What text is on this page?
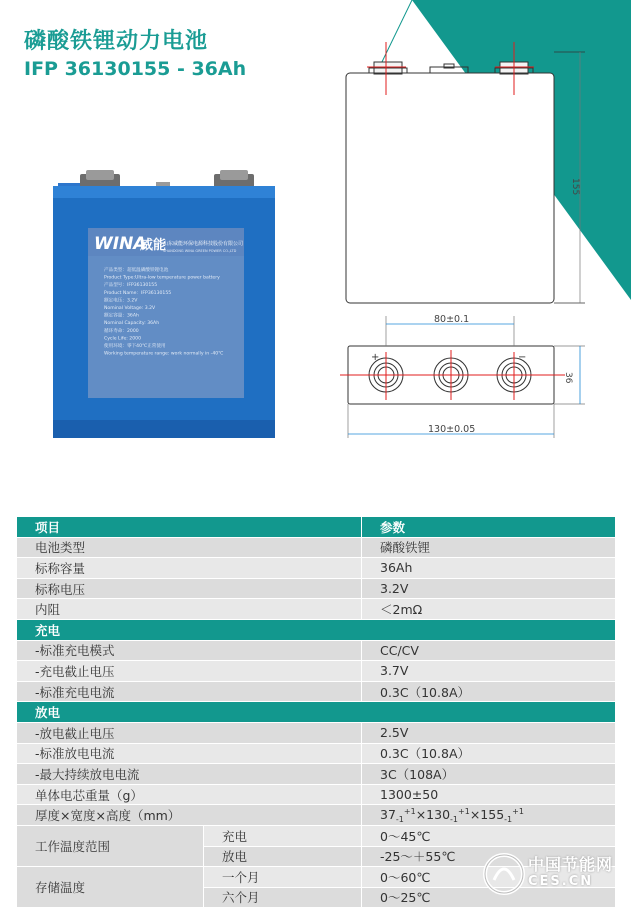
磷酸铁锂动力电池
IFP 36130155 - 36Ah
WINA
威能
山东威能环保电源科技股份有限公司
SHANDONG WINA GREEN POWER CO.,LTD
产品类型：超低温磷酸铁锂电池
Product Type:Ultra-low temperature power battery
产品型号：IFP36130155
Product Name：IFP36130155
额定电压：3.2V
Nominal Voltage: 3.2V
额定容量：36Ah
Nominal Capacity: 36Ah
循环寿命：2000
Cycle Life: 2000
使用环境：零下40℃正常使用
Working temperature range: work normally in -40℃
155
80±0.1
36
130±0.05
+	−
项目		参数
电池类型		磷酸铁锂
标称容量		36Ah
标称电压		3.2V
内阻		＜2mΩ
充电		
-标准充电模式		CC/CV
-充电截止电压		3.7V
-标准充电电流		0.3C（10.8A）
放电		
-放电截止电压		2.5V
-标准放电电流		0.3C（10.8A）
-最大持续放电电流		3C（108A）
单体电芯重量（g）		1300±50
厚度×宽度×高度（mm）		$37_{-1}^{+1}\times 130_{-1}^{+1}\times 155_{-1}^{+1}$
工作温度范围	充电	0～45℃
	放电	-25～＋55℃
存储温度	一个月	0～60℃
	六个月	0～25℃
中国节能网
CES.CN
